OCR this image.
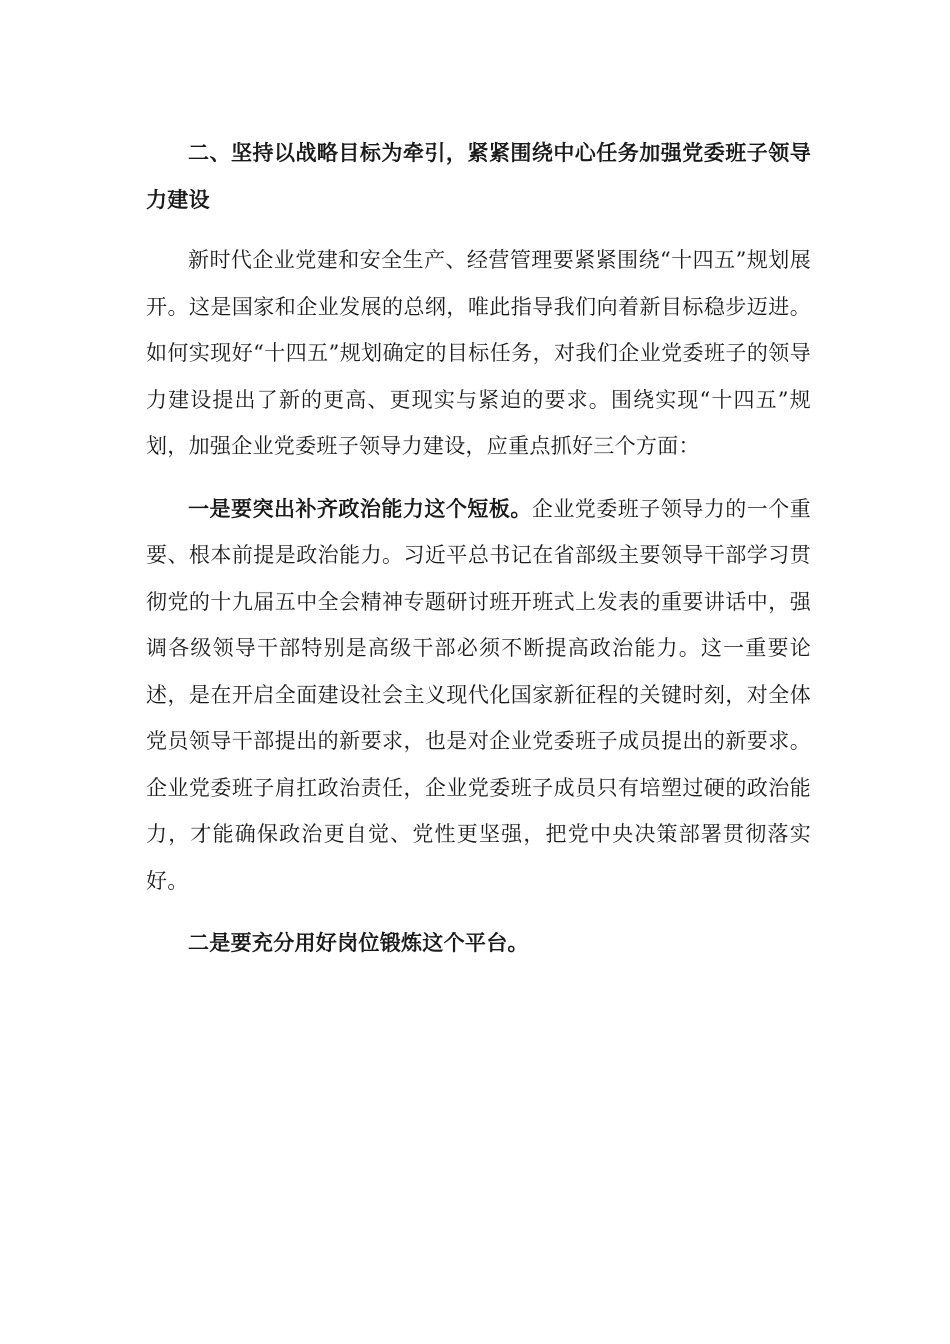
二、坚持以战略目标为牵引，紧紧围绕中心任务加强党委班子领导力建设

新时代企业党建和安全生产、经营管理要紧紧围绕“十四五”规划展开。这是国家和企业发展的总纲，唯此指导我们向着新目标稳步迈进。如何实现好“十四五”规划确定的目标任务，对我们企业党委班子的领导力建设提出了新的更高、更现实与紧迫的要求。围绕实现“十四五”规划，加强企业党委班子领导力建设，应重点抓好三个方面：

一是要突出补齐政治能力这个短板。企业党委班子领导力的一个重要、根本前提是政治能力。习近平总书记在省部级主要领导干部学习贯彻党的十九届五中全会精神专题研讨班开班式上发表的重要讲话中，强调各级领导干部特别是高级干部必须不断提高政治能力。这一重要论述，是在开启全面建设社会主义现代化国家新征程的关键时刻，对全体党员领导干部提出的新要求，也是对企业党委班子成员提出的新要求。企业党委班子肩扛政治责任，企业党委班子成员只有培塑过硬的政治能力，才能确保政治更自觉、党性更坚强，把党中央决策部署贯彻落实好。

二是要充分用好岗位锻炼这个平台。
